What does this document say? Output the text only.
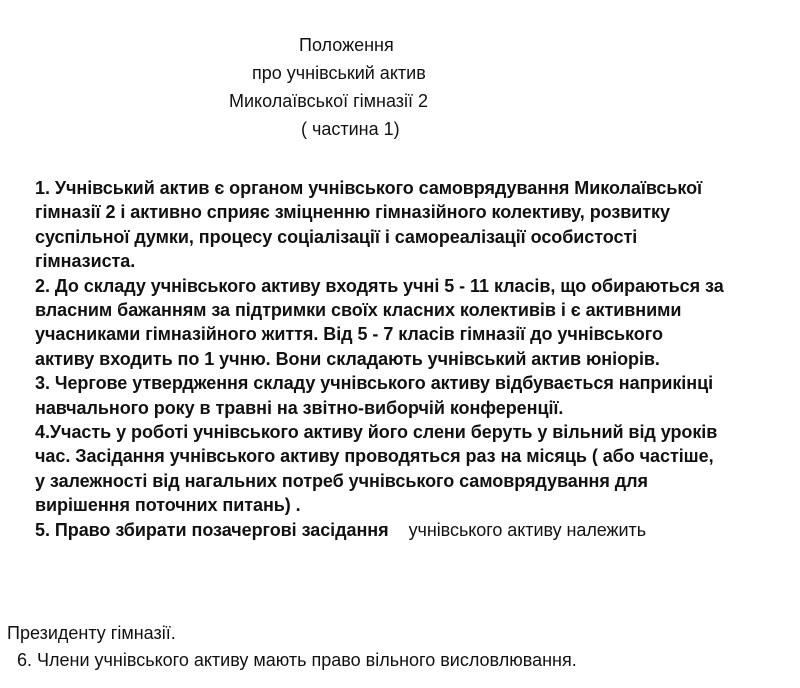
Положення
про учнівський актив
Миколаївської гімназії 2
( частина 1)
1. Учнівський актив є органом учнівського самоврядування Миколаївської
гімназії 2 і активно сприяє зміцненню гімназійного колективу, розвитку
суспільної думки, процесу соціалізації і самореалізації особистості
гімназиста.
2. До складу учнівського активу входять учні 5 - 11 класів, що обираються за
власним бажанням за підтримки своїх класних колективів і є активними
учасниками гімназійного життя. Від 5 - 7 класів гімназії до учнівського
активу входить по 1 учню. Вони складають учнівський актив юніорів.
3. Чергове утвердження складу учнівського активу відбувається наприкінці
навчального року в травні на звітно-виборчій конференції.
4.Участь у роботі учнівського активу його слени беруть у вільний від уроків
час. Засідання учнівського активу проводяться раз на місяць ( або частіше,
у залежності від нагальних потреб учнівського самоврядування для
вирішення поточних питань) .
5. Право збирати позачергові засідання учнівського активу належить
Президенту гімназії.
6. Члени учнівського активу мають право вільного висловлювання.
